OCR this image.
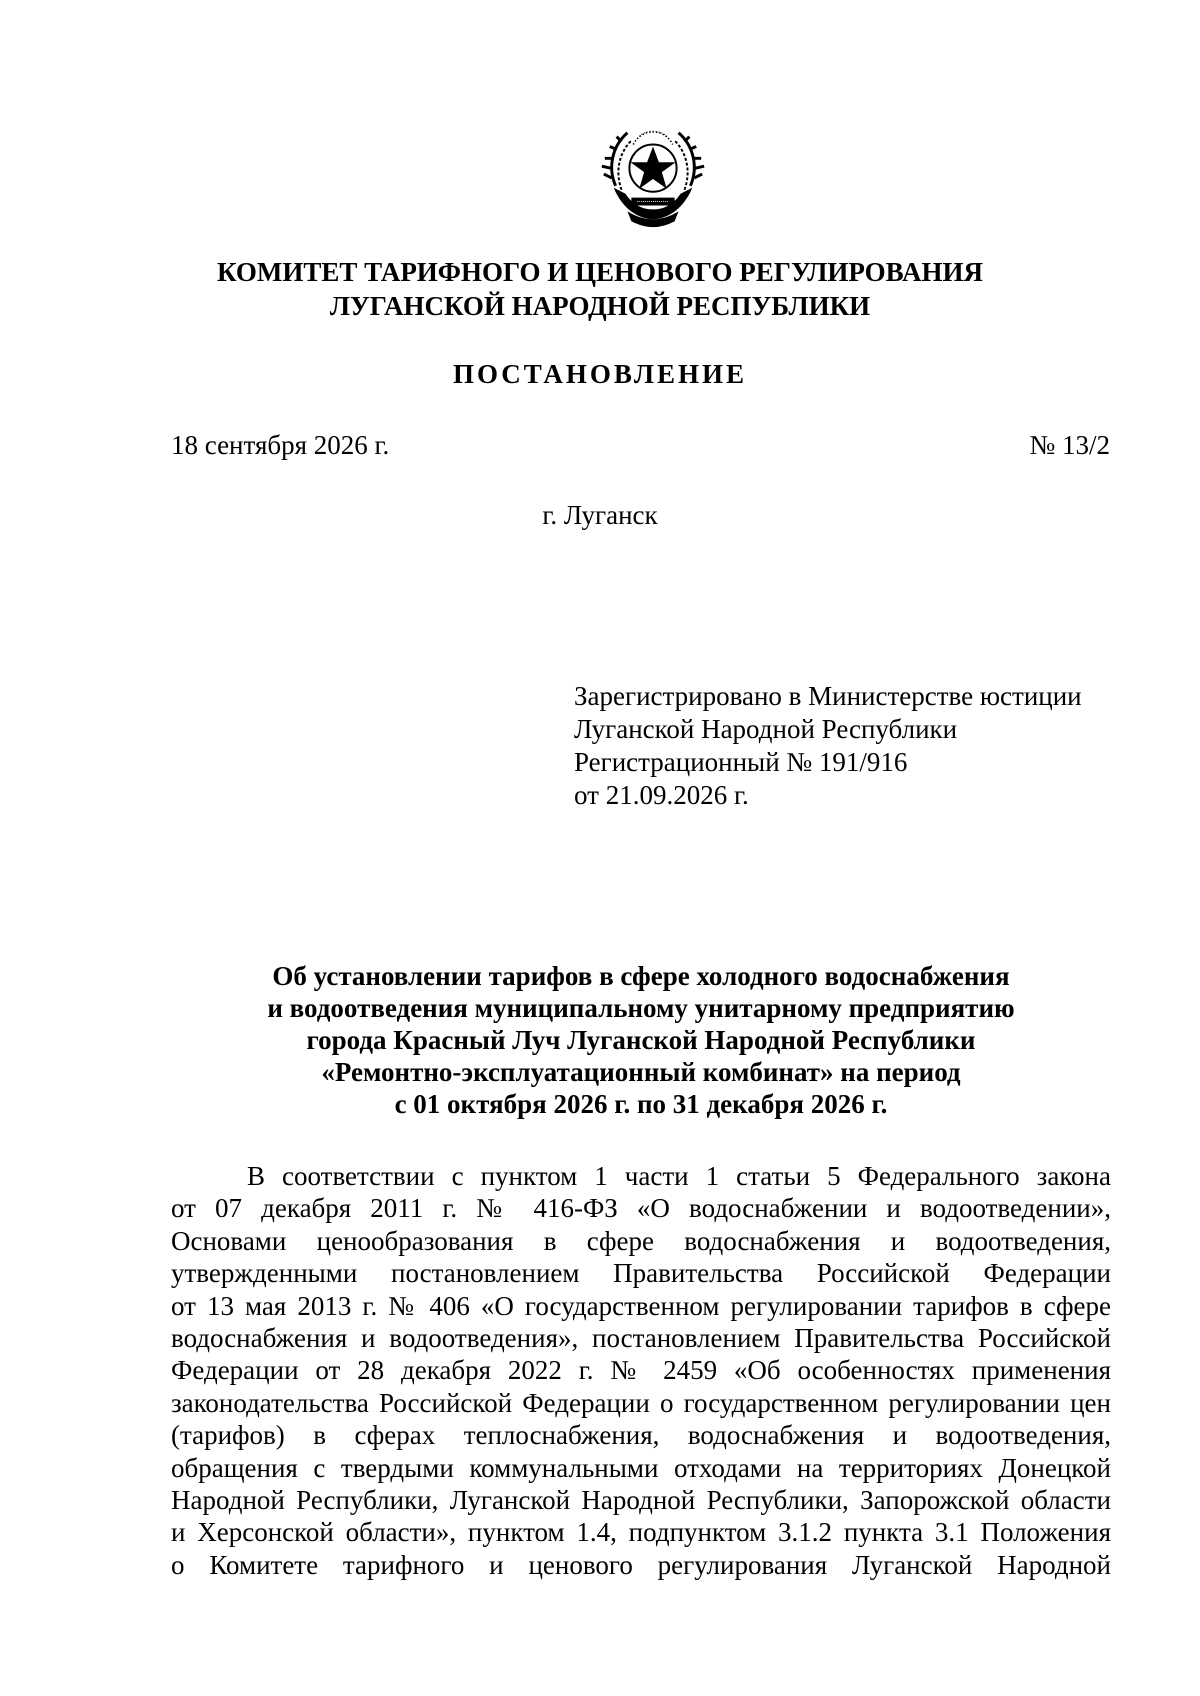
КОМИТЕТ ТАРИФНОГО И ЦЕНОВОГО РЕГУЛИРОВАНИЯ
ЛУГАНСКОЙ НАРОДНОЙ РЕСПУБЛИКИ
ПОСТАНОВЛЕНИЕ
18 сентября 2026 г.	№ 13/2
г. Луганск
Зарегистрировано в Министерстве юстиции
Луганской Народной Республики
Регистрационный № 191/916
от 21.09.2026 г.
Об установлении тарифов в сфере холодного водоснабжения
и водоотведения муниципальному унитарному предприятию
города Красный Луч Луганской Народной Республики
«Ремонтно-эксплуатационный комбинат» на период
с 01 октября 2026 г. по 31 декабря 2026 г.
В соответствии с пунктом 1 части 1 статьи 5 Федерального закона
от 07 декабря 2011 г. № 416-ФЗ «О водоснабжении и водоотведении»,
Основами ценообразования в сфере водоснабжения и водоотведения,
утвержденными постановлением Правительства Российской Федерации
от 13 мая 2013 г. № 406 «О государственном регулировании тарифов в сфере
водоснабжения и водоотведения», постановлением Правительства Российской
Федерации от 28 декабря 2022 г. № 2459 «Об особенностях применения
законодательства Российской Федерации о государственном регулировании цен
(тарифов) в сферах теплоснабжения, водоснабжения и водоотведения,
обращения с твердыми коммунальными отходами на территориях Донецкой
Народной Республики, Луганской Народной Республики, Запорожской области
и Херсонской области», пунктом 1.4, подпунктом 3.1.2 пункта 3.1 Положения
о Комитете тарифного и ценового регулирования Луганской Народной
